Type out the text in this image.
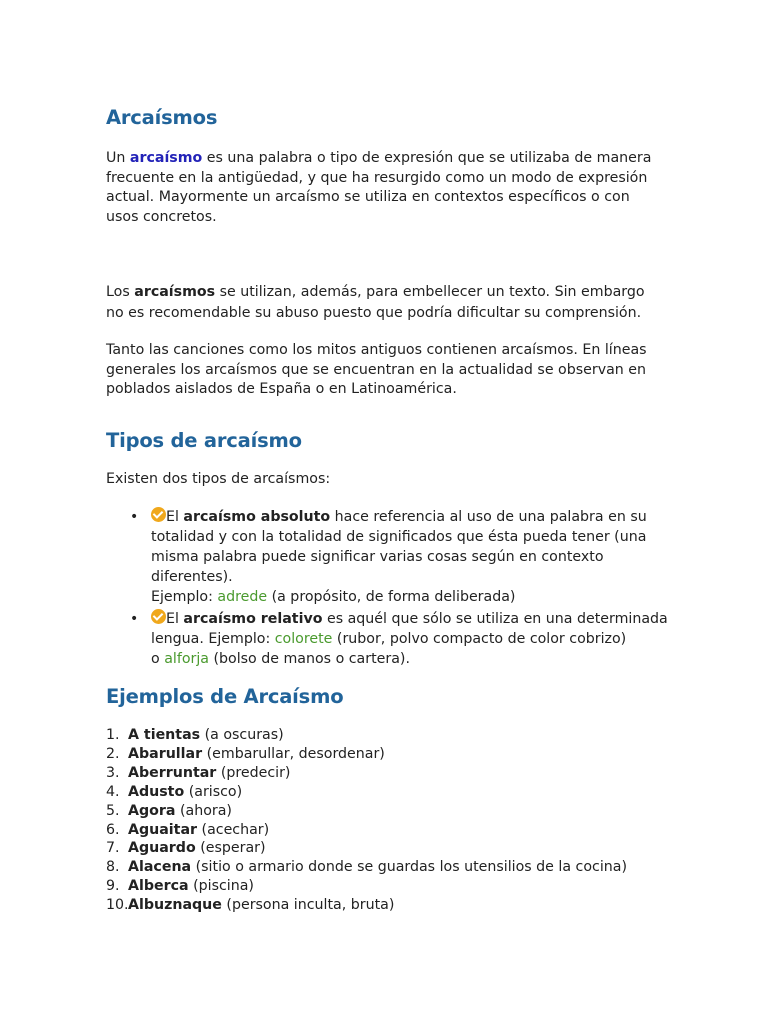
Arcaísmos

Un arcaísmo es una palabra o tipo de expresión que se utilizaba de manera frecuente en la antigüedad, y que ha resurgido como un modo de expresión actual. Mayormente un arcaísmo se utiliza en contextos específicos o con usos concretos.

Los arcaísmos se utilizan, además, para embellecer un texto. Sin embargo no es recomendable su abuso puesto que podría dificultar su comprensión.

Tanto las canciones como los mitos antiguos contienen arcaísmos. En líneas generales los arcaísmos que se encuentran en la actualidad se observan en poblados aislados de España o en Latinoamérica.

Tipos de arcaísmo

Existen dos tipos de arcaísmos:

• El arcaísmo absoluto hace referencia al uso de una palabra en su totalidad y con la totalidad de significados que ésta pueda tener (una misma palabra puede significar varias cosas según en contexto diferentes).
Ejemplo: adrede (a propósito, de forma deliberada)
• El arcaísmo relativo es aquél que sólo se utiliza en una determinada lengua. Ejemplo: colorete (rubor, polvo compacto de color cobrizo)
o alforja (bolso de manos o cartera).
Ejemplos de Arcaísmo
1. A tientas (a oscuras)
2. Abarullar (embarullar, desordenar)
3. Aberruntar (predecir)
4. Adusto (arisco)
5. Agora (ahora)
6. Aguaitar (acechar)
7. Aguardo (esperar)
8. Alacena (sitio o armario donde se guardas los utensilios de la cocina)
9. Alberca (piscina)
10.Albuznaque (persona inculta, bruta)
